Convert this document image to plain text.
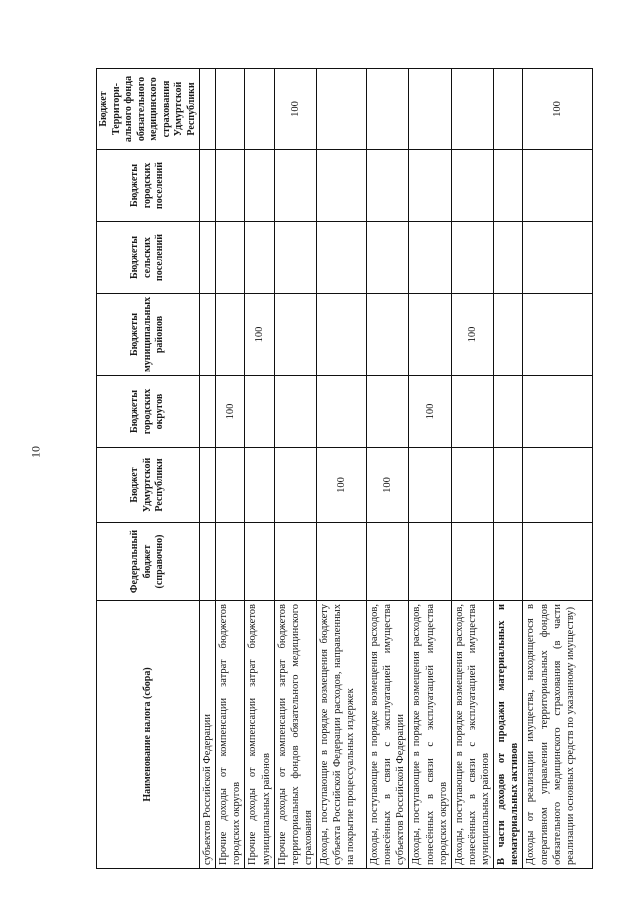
10
Наименование налога (сбора)	Федеральный бюджет (справочно)	Бюджет Удмуртской Республики	Бюджеты городских округов	Бюджеты муниципальных районов	Бюджеты сельских поселений	Бюджеты городских поселений	Бюджет Территори-ального фонда обязательного медицинского страхования Удмуртской Республики
субъектов Российской Федерации							
Прочие доходы от компенсации затрат бюджетов городских округов			100				
Прочие доходы от компенсации затрат бюджетов муниципальных районов				100			
Прочие доходы от компенсации затрат бюджетов территориальных фондов обязательного медицинского страхования							100
Доходы, поступающие в порядке возмещения бюджету субъекта Российской Федерации расходов, направленных на покрытие процессуальных издержек		100					
Доходы, поступающие в порядке возмещения расходов, понесённых в связи с эксплуатацией имущества субъектов Российской Федерации		100					
Доходы, поступающие в порядке возмещения расходов, понесённых в связи с эксплуатацией имущества городских округов			100				
Доходы, поступающие в порядке возмещения расходов, понесённых в связи с эксплуатацией имущества муниципальных районов				100			
В части доходов от продажи материальных и нематериальных активов							
Доходы от реализации имущества, находящегося в оперативном управлении территориальных фондов обязательного медицинского страхования (в части реализации основных средств по указанному имуществу)							100
